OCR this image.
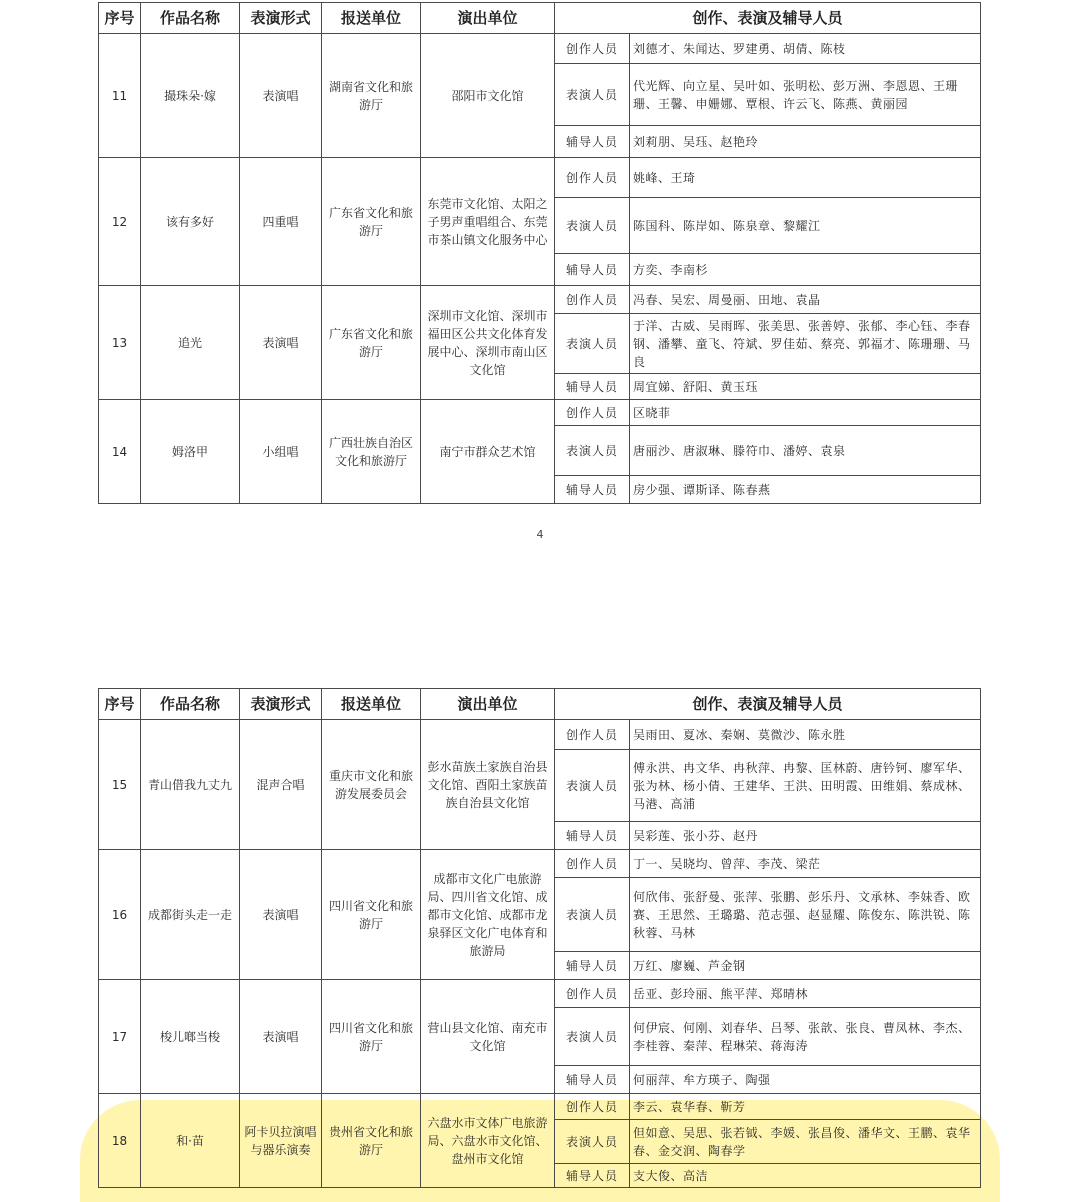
序号	作品名称	表演形式	报送单位	演出单位	创作、表演及辅导人员	
11	撮珠朵·嫁	表演唱	湖南省文化和旅游厅	邵阳市文化馆	创作人员	刘德才、朱闻达、罗建勇、胡倩、陈枝
					表演人员	代光辉、向立星、吴叶如、张明松、彭万洲、李恩恩、王珊珊、王馨、申姗娜、覃根、许云飞、陈燕、黄丽园
					辅导人员	刘莉朋、吴珏、赵艳玲
12	该有多好	四重唱	广东省文化和旅游厅	东莞市文化馆、太阳之子男声重唱组合、东莞市茶山镇文化服务中心	创作人员	姚峰、王琦
					表演人员	陈国科、陈岸如、陈泉章、黎耀江
					辅导人员	方奕、李南杉
13	追光	表演唱	广东省文化和旅游厅	深圳市文化馆、深圳市福田区公共文化体育发展中心、深圳市南山区文化馆	创作人员	冯春、吴宏、周曼丽、田地、袁晶
					表演人员	于洋、古威、吴雨晖、张美思、张善婷、张郁、李心钰、李春钢、潘攀、童飞、符斌、罗佳茹、蔡亮、郭福才、陈珊珊、马良
					辅导人员	周宜娣、舒阳、黄玉珏
14	姆洛甲	小组唱	广西壮族自治区文化和旅游厅	南宁市群众艺术馆	创作人员	区晓菲
					表演人员	唐丽沙、唐淑琳、滕符巾、潘婷、袁泉
					辅导人员	房少强、谭斯译、陈春燕
4
序号	作品名称	表演形式	报送单位	演出单位	创作、表演及辅导人员	
15	青山借我九丈九	混声合唱	重庆市文化和旅游发展委员会	彭水苗族土家族自治县文化馆、酉阳土家族苗族自治县文化馆	创作人员	吴雨田、夏冰、秦娴、莫微沙、陈永胜
					表演人员	傅永洪、冉文华、冉秋萍、冉黎、匡林蔚、唐钤钶、廖军华、张为林、杨小倩、王建华、王洪、田明霞、田维娟、蔡成林、马港、高浦
					辅导人员	吴彩莲、张小芬、赵丹
16	成都街头走一走	表演唱	四川省文化和旅游厅	成都市文化广电旅游局、四川省文化馆、成都市文化馆、成都市龙泉驿区文化广电体育和旅游局	创作人员	丁一、吴晓均、曾萍、李茂、梁茫
					表演人员	何欣伟、张舒曼、张萍、张鹏、彭乐丹、文承林、李妹香、欧赛、王思然、王璐璐、范志强、赵显耀、陈俊东、陈洪锐、陈秋蓉、马林
					辅导人员	万红、廖巍、芦金钢
17	梭儿啷当梭	表演唱	四川省文化和旅游厅	营山县文化馆、南充市文化馆	创作人员	岳亚、彭玲丽、熊平萍、郑晴林
					表演人员	何伊宸、何刚、刘春华、吕琴、张歆、张良、曹凤林、李杰、李桂蓉、秦萍、程琳荣、蒋海涛
					辅导人员	何丽萍、牟方瑛子、陶强
18	和·苗	阿卡贝拉演唱与器乐演奏	贵州省文化和旅游厅	六盘水市文体广电旅游局、六盘水市文化馆、盘州市文化馆	创作人员	李云、袁华春、靳芳
					表演人员	但如意、吴思、张若钺、李媛、张昌俊、潘华文、王鹏、袁华春、金交润、陶春学
					辅导人员	支大俊、高洁
